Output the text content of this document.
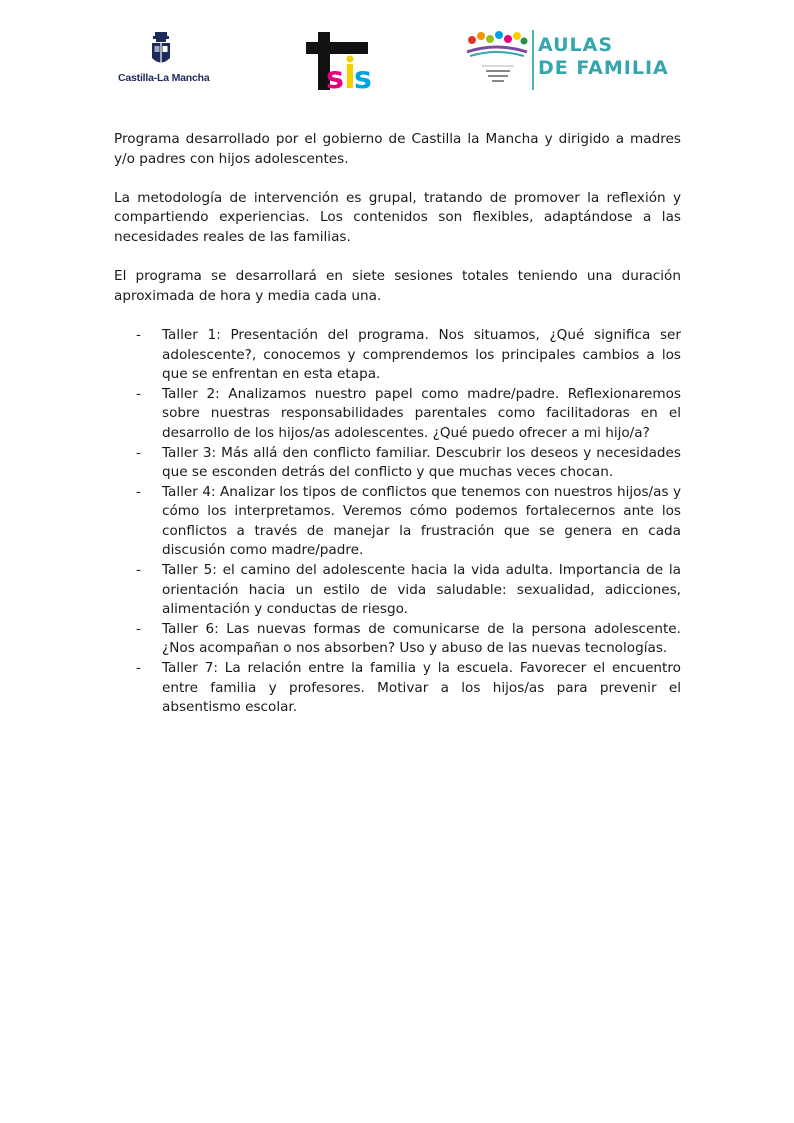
Castilla-La Mancha	s s
AULAS
DE FAMILIA

Programa desarrollado por el gobierno de Castilla la Mancha y dirigido a madres y/o padres con hijos adolescentes.

La metodología de intervención es grupal, tratando de promover la reflexión y compartiendo experiencias. Los contenidos son flexibles, adaptándose a las necesidades reales de las familias.

El programa se desarrollará en siete sesiones totales teniendo una duración aproximada de hora y media cada una.

- Taller 1: Presentación del programa. Nos situamos, ¿Qué significa ser adolescente?, conocemos y comprendemos los principales cambios a los que se enfrentan en esta etapa.
- Taller 2: Analizamos nuestro papel como madre/padre. Reflexionaremos sobre nuestras responsabilidades parentales como facilitadoras en el desarrollo de los hijos/as adolescentes. ¿Qué puedo ofrecer a mi hijo/a?
- Taller 3: Más allá den conflicto familiar. Descubrir los deseos y necesidades que se esconden detrás del conflicto y que muchas veces chocan.
- Taller 4: Analizar los tipos de conflictos que tenemos con nuestros hijos/as y cómo los interpretamos. Veremos cómo podemos fortalecernos ante los conflictos a través de manejar la frustración que se genera en cada discusión como madre/padre.
- Taller 5: el camino del adolescente hacia la vida adulta. Importancia de la orientación hacia un estilo de vida saludable: sexualidad, adicciones, alimentación y conductas de riesgo.
- Taller 6: Las nuevas formas de comunicarse de la persona adolescente. ¿Nos acompañan o nos absorben? Uso y abuso de las nuevas tecnologías.
- Taller 7: La relación entre la familia y la escuela. Favorecer el encuentro entre familia y profesores. Motivar a los hijos/as para prevenir el absentismo escolar.
